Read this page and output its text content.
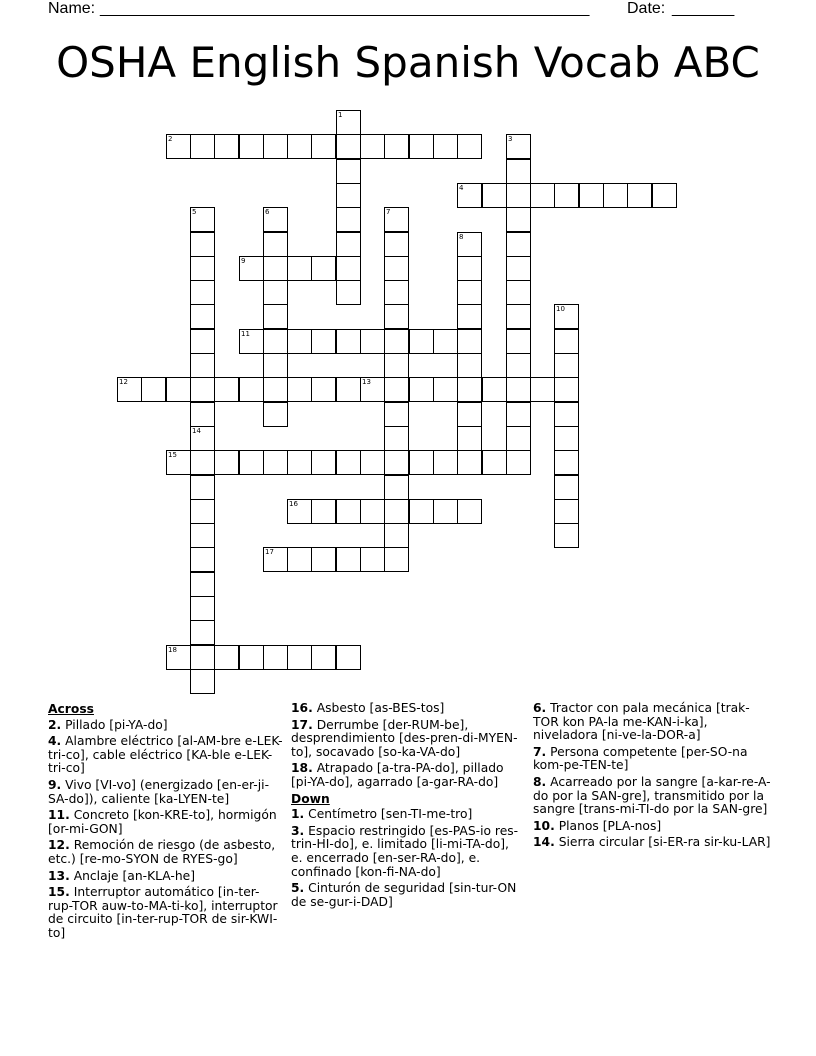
Name: _______________________________________________________ Date: _______
OSHA English Spanish Vocab ABC
1
2	3
4
5	6	7
8
9
10
11
12	13
14
15
16
17
18
Across
2. Pillado [pi-YA-do]
4. Alambre eléctrico [al-AM-bre e-LEK-tri-co], cable eléctrico [KA-ble e-LEK-tri-co]
9. Vivo [VI-vo] (energizado [en-er-ji-SA-do]), caliente [ka-LYEN-te]
11. Concreto [kon-KRE-to], hormigón [or-mi-GON]
12. Remoción de riesgo (de asbesto, etc.) [re-mo-SYON de RYES-go]
13. Anclaje [an-KLA-he]
15. Interruptor automático [in-ter-rup-TOR auw-to-MA-ti-ko], interruptor de circuito [in-ter-rup-TOR de sir-KWI-to]
16. Asbesto [as-BES-tos]
17. Derrumbe [der-RUM-be], desprendimiento [des-pren-di-MYEN-to], socavado [so-ka-VA-do]
18. Atrapado [a-tra-PA-do], pillado [pi-YA-do], agarrado [a-gar-RA-do]
Down
1. Centímetro [sen-TI-me-tro]
3. Espacio restringido [es-PAS-io res-trin-HI-do], e. limitado [li-mi-TA-do], e. encerrado [en-ser-RA-do], e. confinado [kon-fi-NA-do]
5. Cinturón de seguridad [sin-tur-ON de se-gur-i-DAD]
6. Tractor con pala mecánica [trak-TOR kon PA-la me-KAN-i-ka], niveladora [ni-ve-la-DOR-a]
7. Persona competente [per-SO-na kom-pe-TEN-te]
8. Acarreado por la sangre [a-kar-re-A-do por la SAN-gre], transmitido por la sangre [trans-mi-TI-do por la SAN-gre]
10. Planos [PLA-nos]
14. Sierra circular [si-ER-ra sir-ku-LAR]
